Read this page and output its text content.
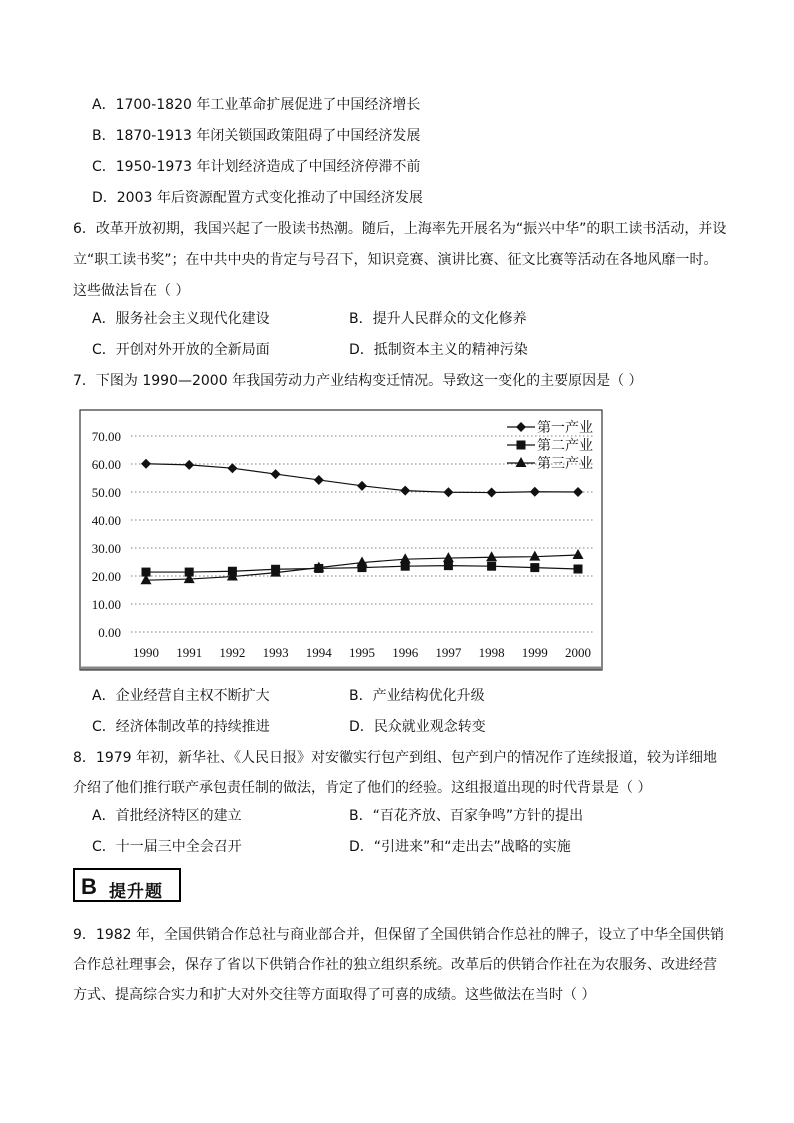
A．1700-1820 年工业革命扩展促进了中国经济增长
B．1870-1913 年闭关锁国政策阻碍了中国经济发展
C．1950-1973 年计划经济造成了中国经济停滞不前
D．2003 年后资源配置方式变化推动了中国经济发展
6．改革开放初期，我国兴起了一股读书热潮。随后，上海率先开展名为“振兴中华”的职工读书活动，并设
立“职工读书奖”；在中共中央的肯定与号召下，知识竞赛、演讲比赛、征文比赛等活动在各地风靡一时。
这些做法旨在（ ）
A．服务社会主义现代化建设	B．提升人民群众的文化修养
C．开创对外开放的全新局面	D．抵制资本主义的精神污染
7．下图为 1990—2000 年我国劳动力产业结构变迁情况。导致这一变化的主要原因是（ ）
0.00
10.00
20.00
30.00
40.00
50.00
60.00
70.00
1990 1991 1992 1993 1994 1995 1996 1997 1998 1999 2000
第一产业
第二产业
第三产业
A．企业经营自主权不断扩大	B．产业结构优化升级
C．经济体制改革的持续推进	D．民众就业观念转变
8．1979 年初，新华社、《人民日报》对安徽实行包产到组、包产到户的情况作了连续报道，较为详细地
介绍了他们推行联产承包责任制的做法，肯定了他们的经验。这组报道出现的时代背景是（ ）
A．首批经济特区的建立	B．“百花齐放、百家争鸣”方针的提出
C．十一届三中全会召开	D．“引进来”和“走出去”战略的实施
B 提升题
9．1982 年，全国供销合作总社与商业部合并，但保留了全国供销合作总社的牌子，设立了中华全国供销
合作总社理事会，保存了省以下供销合作社的独立组织系统。改革后的供销合作社在为农服务、改进经营
方式、提高综合实力和扩大对外交往等方面取得了可喜的成绩。这些做法在当时（ ）
